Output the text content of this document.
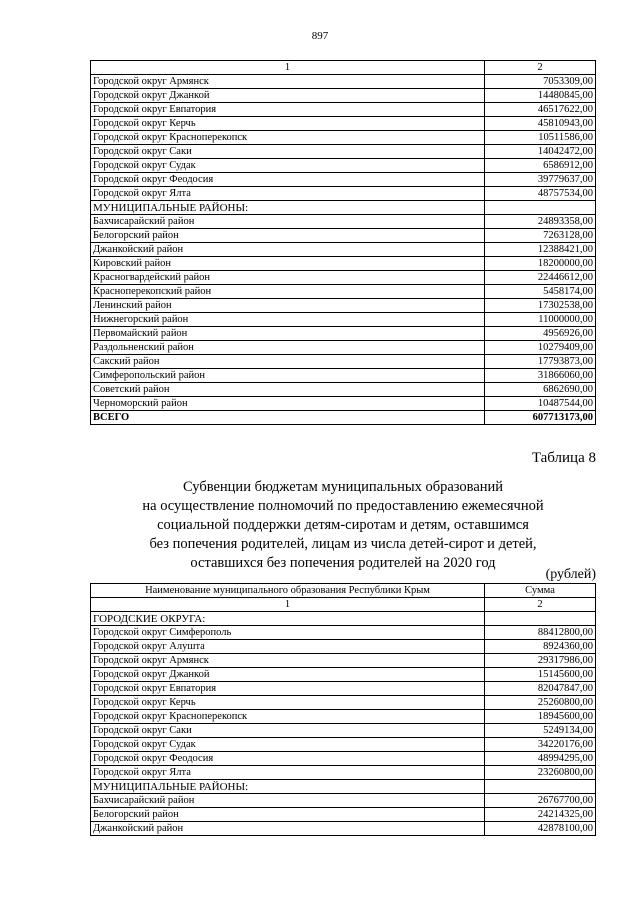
897
1	2
Городской округ Армянск	7053309,00
Городской округ Джанкой	14480845,00
Городской округ Евпатория	46517622,00
Городской округ Керчь	45810943,00
Городской округ Красноперекопск	10511586,00
Городской округ Саки	14042472,00
Городской округ Судак	6586912,00
Городской округ Феодосия	39779637,00
Городской округ Ялта	48757534,00
МУНИЦИПАЛЬНЫЕ РАЙОНЫ:	
Бахчисарайский район	24893358,00
Белогорский район	7263128,00
Джанкойский район	12388421,00
Кировский район	18200000,00
Красногвардейский район	22446612,00
Красноперекопский район	5458174,00
Ленинский район	17302538,00
Нижнегорский район	11000000,00
Первомайский район	4956926,00
Раздольненский район	10279409,00
Сакский район	17793873,00
Симферопольский район	31866060,00
Советский район	6862690,00
Черноморский район	10487544,00
ВСЕГО	607713173,00
Таблица 8
Субвенции бюджетам муниципальных образований
на осуществление полномочий по предоставлению ежемесячной
социальной поддержки детям-сиротам и детям, оставшимся
без попечения родителей, лицам из числа детей-сирот и детей,
оставшихся без попечения родителей на 2020 год
(рублей)
Наименование муниципального образования Республики Крым	Сумма
1	2
ГОРОДСКИЕ ОКРУГА:	
Городской округ Симферополь	88412800,00
Городской округ Алушта	8924360,00
Городской округ Армянск	29317986,00
Городской округ Джанкой	15145600,00
Городской округ Евпатория	82047847,00
Городской округ Керчь	25260800,00
Городской округ Красноперекопск	18945600,00
Городской округ Саки	5249134,00
Городской округ Судак	34220176,00
Городской округ Феодосия	48994295,00
Городской округ Ялта	23260800,00
МУНИЦИПАЛЬНЫЕ РАЙОНЫ:	
Бахчисарайский район	26767700,00
Белогорский район	24214325,00
Джанкойский район	42878100,00
